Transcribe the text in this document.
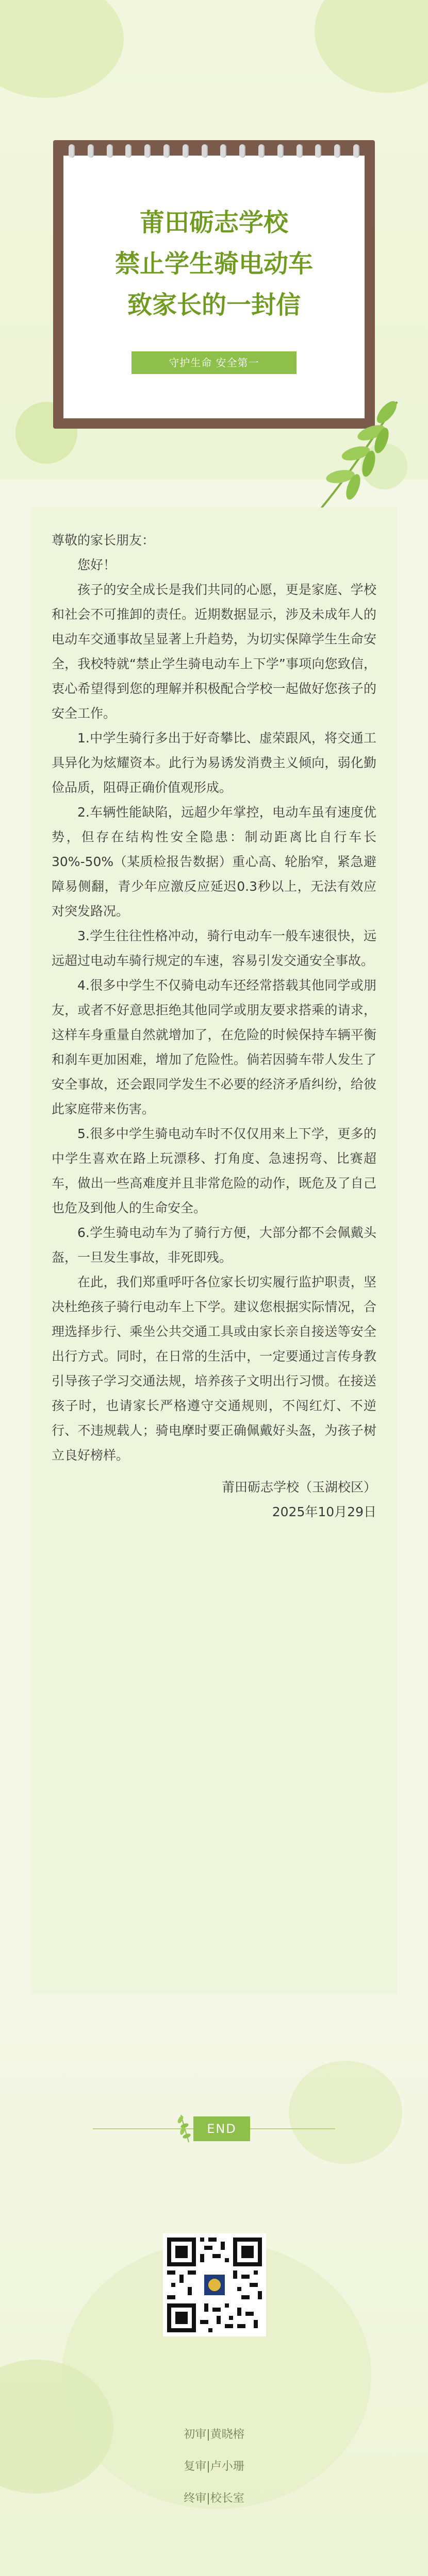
莆田砺志学校
禁止学生骑电动车
致家长的一封信
守护生命 安全第一

尊敬的家长朋友：

您好！

孩子的安全成长是我们共同的心愿，更是家庭、学校和社会不可推卸的责任。近期数据显示，涉及未成年人的电动车交通事故呈显著上升趋势，为切实保障学生生命安全，我校特就“禁止学生骑电动车上下学”事项向您致信，衷心希望得到您的理解并积极配合学校一起做好您孩子的安全工作。

1.中学生骑行多出于好奇攀比、虚荣跟风，将交通工具异化为炫耀资本。此行为易诱发消费主义倾向，弱化勤俭品质，阻碍正确价值观形成。

2.车辆性能缺陷，远超少年掌控，电动车虽有速度优势，但存在结构性安全隐患：制动距离比自行车长30%-50%（某质检报告数据）重心高、轮胎窄，紧急避障易侧翻，青少年应激反应延迟0.3秒以上，无法有效应对突发路况。

3.学生往往性格冲动，骑行电动车一般车速很快，远远超过电动车骑行规定的车速，容易引发交通安全事故。

4.很多中学生不仅骑电动车还经常搭载其他同学或朋友，或者不好意思拒绝其他同学或朋友要求搭乘的请求，这样车身重量自然就增加了，在危险的时候保持车辆平衡和刹车更加困难，增加了危险性。倘若因骑车带人发生了安全事故，还会跟同学发生不必要的经济矛盾纠纷，给彼此家庭带来伤害。

5.很多中学生骑电动车时不仅仅用来上下学，更多的中学生喜欢在路上玩漂移、打角度、急速拐弯、比赛超车，做出一些高难度并且非常危险的动作，既危及了自己也危及到他人的生命安全。

6.学生骑电动车为了骑行方便，大部分都不会佩戴头盔，一旦发生事故，非死即残。

在此，我们郑重呼吁各位家长切实履行监护职责，坚决杜绝孩子骑行电动车上下学。建议您根据实际情况，合理选择步行、乘坐公共交通工具或由家长亲自接送等安全出行方式。同时，在日常的生活中，一定要通过言传身教引导孩子学习交通法规，培养孩子文明出行习惯。在接送孩子时，也请家长严格遵守交通规则，不闯红灯、不逆行、不违规载人；骑电摩时要正确佩戴好头盔，为孩子树立良好榜样。

莆田砺志学校（玉湖校区）

2025年10月29日

END
初审|黄晓榕
复审|卢小珊
终审|校长室
